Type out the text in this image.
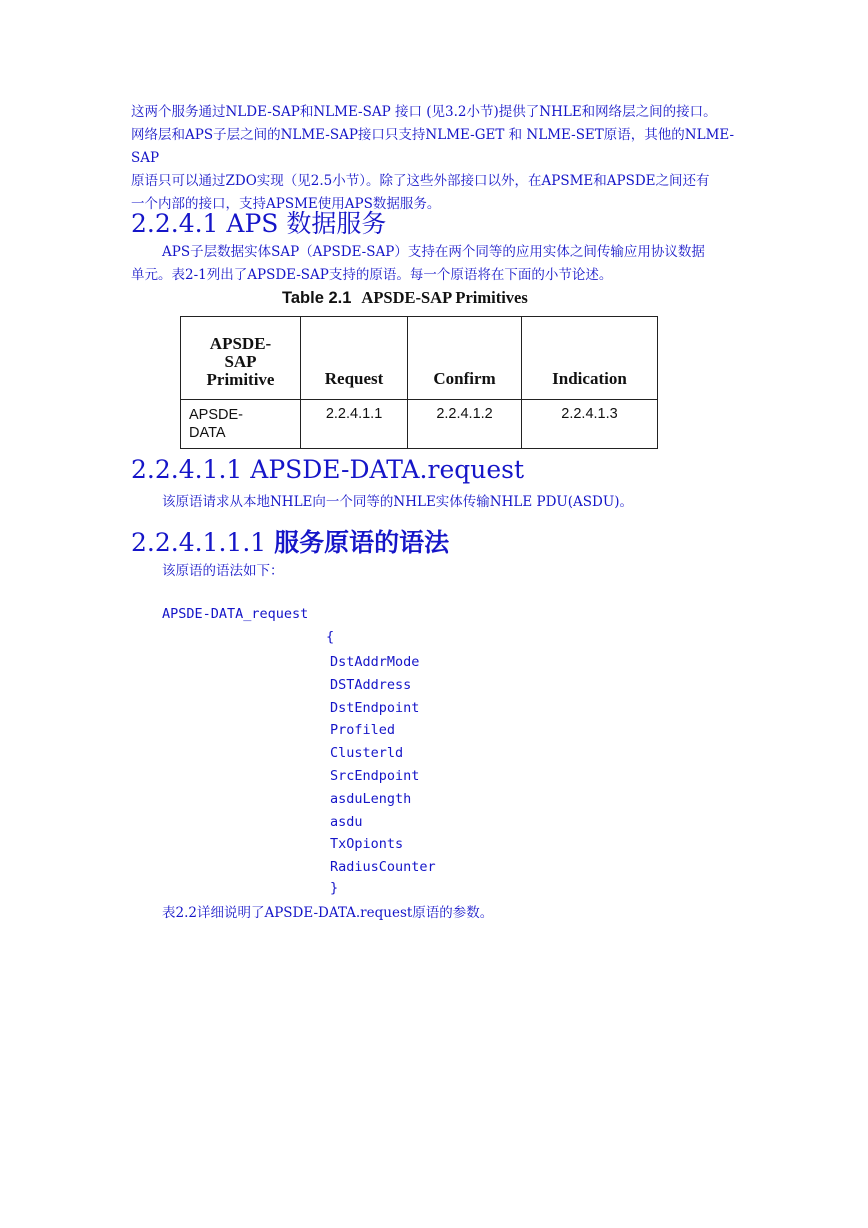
这两个服务通过NLDE-SAP和NLME-SAP 接口 (见3.2小节)提供了NHLE和网络层之间的接口。
网络层和APS子层之间的NLME-SAP接口只支持NLME-GET 和 NLME-SET原语，其他的NLME-SAP
原语只可以通过ZDO实现（见2.5小节）。除了这些外部接口以外，在APSME和APSDE之间还有
一个内部的接口，支持APSME使用APS数据服务。
2.2.4.1 APS 数据服务
APS子层数据实体SAP（APSDE-SAP）支持在两个同等的应用实体之间传输应用协议数据
单元。表2-1列出了APSDE-SAP支持的原语。每一个原语将在下面的小节论述。
Table 2.1 APSDE-SAP Primitives
APSDE-
SAP
Primitive	Request	Confirm	Indication

APSDE-
DATA	2.2.4.1.1	2.2.4.1.2	2.2.4.1.3
2.2.4.1.1 APSDE-DATA.request
该原语请求从本地NHLE向一个同等的NHLE实体传输NHLE PDU(ASDU)。
2.2.4.1.1.1 服务原语的语法
该原语的语法如下：
APSDE-DATA_request
{
DstAddrMode
DSTAddress
DstEndpoint
Profiled
Clusterld
SrcEndpoint
asduLength
asdu
TxOpionts
RadiusCounter
}
表2.2详细说明了APSDE-DATA.request原语的参数。
